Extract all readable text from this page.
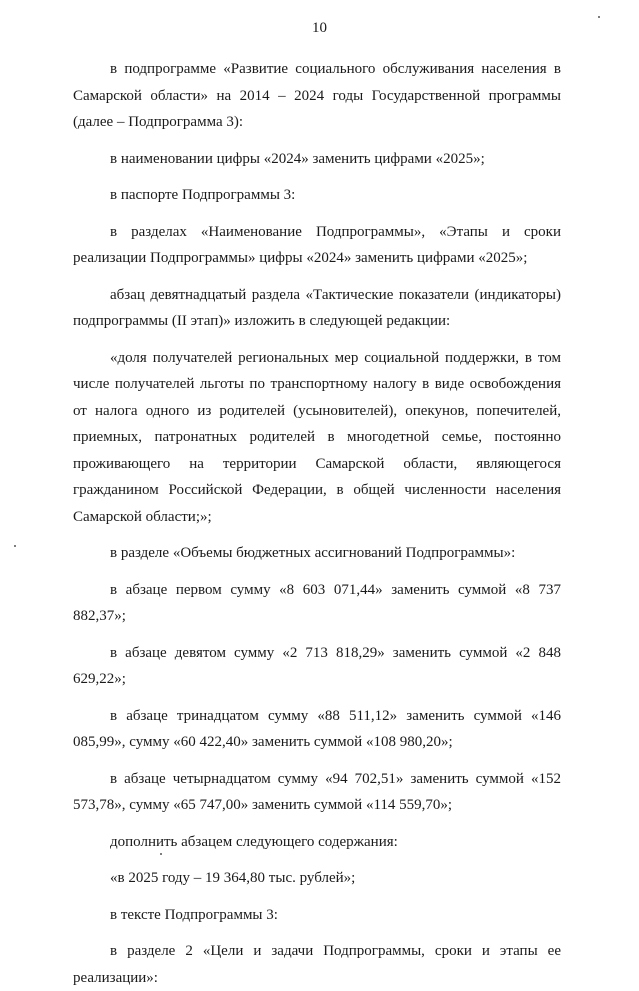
10

в подпрограмме «Развитие социального обслуживания населения в Самарской области» на 2014 – 2024 годы Государственной программы (далее – Подпрограмма 3):

в наименовании цифры «2024» заменить цифрами «2025»;

в паспорте Подпрограммы 3:

в разделах «Наименование Подпрограммы», «Этапы и сроки реализации Подпрограммы» цифры «2024» заменить цифрами «2025»;

абзац девятнадцатый раздела «Тактические показатели (индикаторы) подпрограммы (II этап)» изложить в следующей редакции:

«доля получателей региональных мер социальной поддержки, в том числе получателей льготы по транспортному налогу в виде освобождения от налога одного из родителей (усыновителей), опекунов, попечителей, приемных, патронатных родителей в многодетной семье, постоянно проживающего на территории Самарской области, являющегося гражданином Российской Федерации, в общей численности населения Самарской области;»;

в разделе «Объемы бюджетных ассигнований Подпрограммы»:

в абзаце первом сумму «8 603 071,44» заменить суммой «8 737 882,37»;

в абзаце девятом сумму «2 713 818,29» заменить суммой «2 848 629,22»;

в абзаце тринадцатом сумму «88 511,12» заменить суммой «146 085,99», сумму «60 422,40» заменить суммой «108 980,20»;

в абзаце четырнадцатом сумму «94 702,51» заменить суммой «152 573,78», сумму «65 747,00» заменить суммой «114 559,70»;

дополнить абзацем следующего содержания:

«в 2025 году – 19 364,80 тыс. рублей»;

в тексте Подпрограммы 3:

в разделе 2 «Цели и задачи Подпрограммы, сроки и этапы ее реализации»:
